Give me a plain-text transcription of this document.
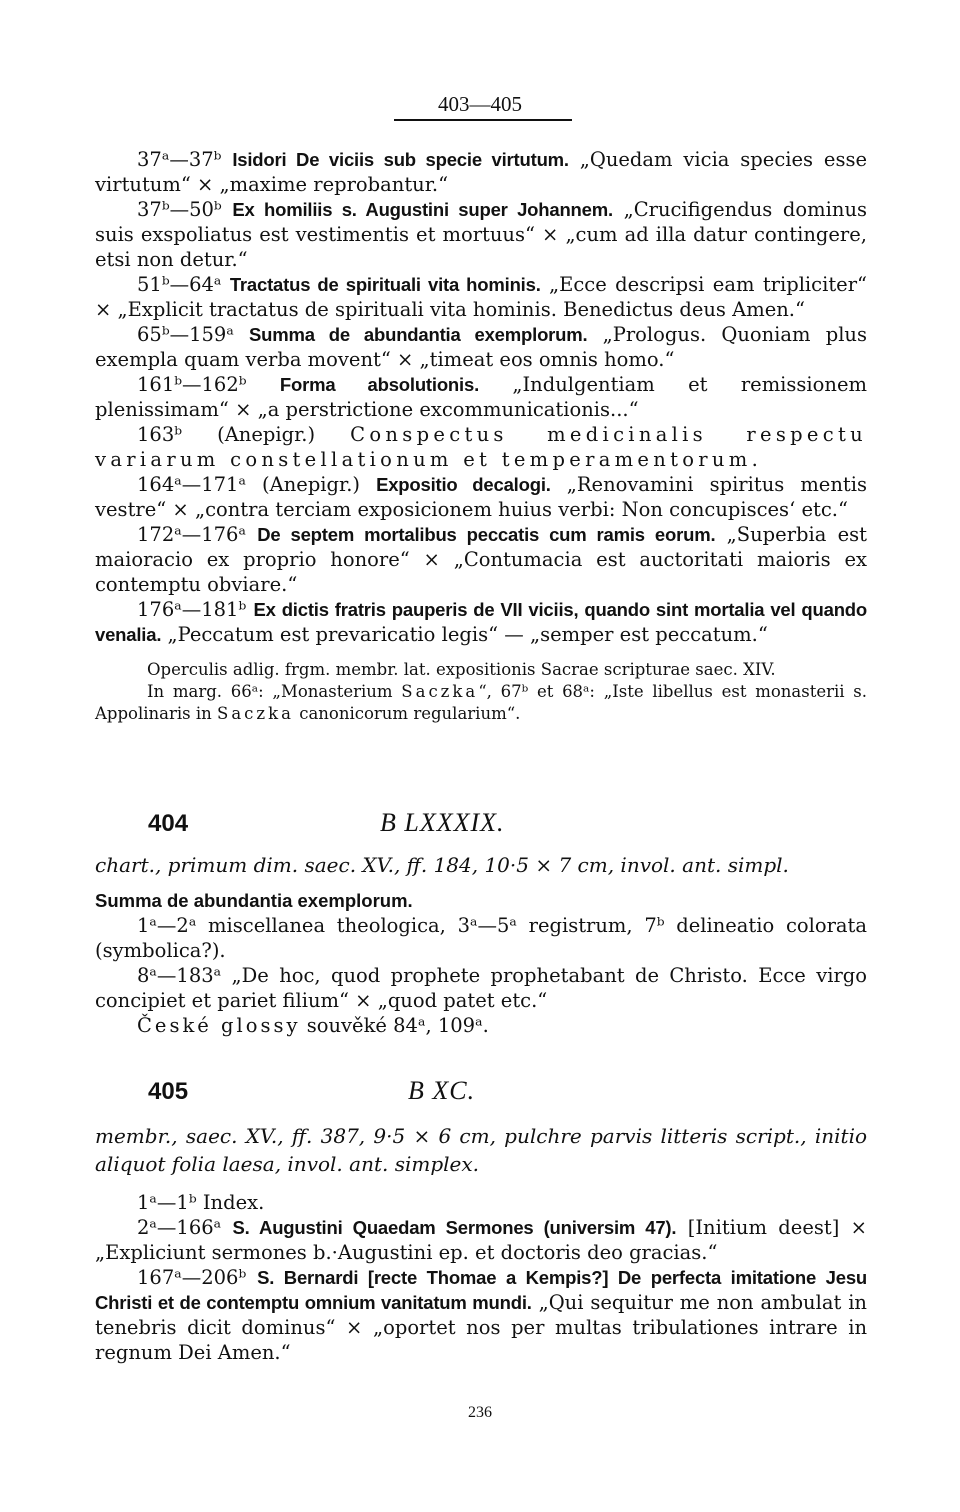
403—405

37ᵃ—37ᵇ Isidori De viciis sub specie virtutum. „Quedam vicia species esse virtutum“ × „maxime reprobantur.“

37ᵇ—50ᵇ Ex homiliis s. Augustini super Johannem. „Crucifigendus dominus suis exspoliatus est vestimentis et mortuus“ × „cum ad illa datur contingere, etsi non detur.“

51ᵇ—64ᵃ Tractatus de spirituali vita hominis. „Ecce descripsi eam tripliciter“ × „Explicit tractatus de spirituali vita hominis. Benedictus deus Amen.“

65ᵇ—159ᵃ Summa de abundantia exemplorum. „Prologus. Quoniam plus exempla quam verba movent“ × „timeat eos omnis homo.“

161ᵇ—162ᵇ Forma absolutionis. „Indulgentiam et remissionem plenissimam“ × „a perstrictione excommunicationis...“

163ᵇ (Anepigr.) Conspectus medicinalis respectu variarum constellationum et temperamentorum.

164ᵃ—171ᵃ (Anepigr.) Expositio decalogi. „Renovamini spiritus mentis vestre“ × „contra terciam exposicionem huius verbi: Non concupisces‘ etc.“

172ᵃ—176ᵃ De septem mortalibus peccatis cum ramis eorum. „Superbia est maioracio ex proprio honore“ × „Contumacia est auctoritati maioris ex contemptu obviare.“

176ᵃ—181ᵇ Ex dictis fratris pauperis de VII viciis, quando sint mortalia vel quando venalia. „Peccatum est prevaricatio legis“ — „semper est peccatum.“

Operculis adlig. frgm. membr. lat. expositionis Sacrae scripturae saec. XIV.

In marg. 66ᵃ: „Monasterium Saczka“, 67ᵇ et 68ᵃ: „Iste libellus est monasterii s. Appolinaris in Saczka canonicorum regularium“.

404	B LXXXIX.

chart., primum dim. saec. XV., ff. 184, 10·5 × 7 cm, invol. ant. simpl.

Summa de abundantia exemplorum.

1ᵃ—2ᵃ miscellanea theologica, 3ᵃ—5ᵃ registrum, 7ᵇ delineatio colorata (symbolica?).

8ᵃ—183ᵃ „De hoc, quod prophete prophetabant de Christo. Ecce virgo concipiet et pariet filium“ × „quod patet etc.“

České glossy souvěké 84ᵃ, 109ᵃ.

405	B XC.

membr., saec. XV., ff. 387, 9·5 × 6 cm, pulchre parvis litteris script., initio aliquot folia laesa, invol. ant. simplex.

1ᵃ—1ᵇ Index.

2ᵃ—166ᵃ S. Augustini Quaedam Sermones (universim 47). [Initium deest] × „Expliciunt sermones b.·Augustini ep. et doctoris deo gracias.“

167ᵃ—206ᵇ S. Bernardi [recte Thomae a Kempis?] De perfecta imitatione Jesu Christi et de contemptu omnium vanitatum mundi. „Qui sequitur me non ambulat in tenebris dicit dominus“ × „oportet nos per multas tribulationes intrare in regnum Dei Amen.“

236
